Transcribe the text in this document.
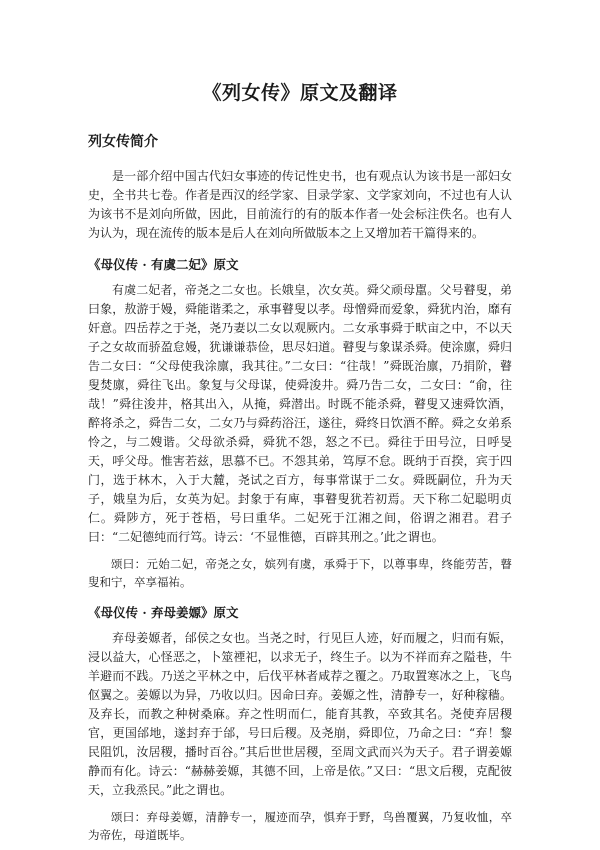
《列女传》原文及翻译
列女传简介

是一部介绍中国古代妇女事迹的传记性史书，也有观点认为该书是一部妇女史，全书共七卷。作者是西汉的经学家、目录学家、文学家刘向，不过也有人认为该书不是刘向所做，因此，目前流行的有的版本作者一处会标注佚名。也有人为认为，现在流传的版本是后人在刘向所做版本之上又增加若干篇得来的。

《母仪传 · 有虞二妃》原文

有虞二妃者，帝尧之二女也。长娥皇，次女英。舜父顽母嚚。父号瞽叟，弟曰象，敖游于嫚，舜能谐柔之，承事瞽叟以孝。母憎舜而爱象，舜犹内治，靡有奸意。四岳荐之于尧，尧乃妻以二女以观厥内。二女承事舜于畎亩之中，不以天子之女故而骄盈怠嫚，犹谦谦恭俭，思尽妇道。瞽叟与象谋杀舜。使涂廪，舜归告二女曰：“父母使我涂廪，我其往。”二女曰：“往哉！”舜既治廪，乃捐阶，瞽叟焚廪，舜往飞出。象复与父母谋，使舜浚井。舜乃告二女，二女曰：“俞，往哉！”舜往浚井，格其出入，从掩，舜潜出。时既不能杀舜，瞽叟又速舜饮酒，醉将杀之，舜告二女，二女乃与舜药浴汪，遂往，舜终日饮酒不醉。舜之女弟系怜之，与二嫂谐。父母欲杀舜，舜犹不怨，怒之不已。舜往于田号泣，日呼旻天，呼父母。惟害若兹，思慕不已。不怨其弟，笃厚不怠。既纳于百揆，宾于四门，选于林木，入于大麓，尧试之百方，每事常谋于二女。舜既嗣位，升为天子，娥皇为后，女英为妃。封象于有庳，事瞽叟犹若初焉。天下称二妃聪明贞仁。舜陟方，死于苍梧，号曰重华。二妃死于江湘之间，俗谓之湘君。君子曰：“二妃德纯而行笃。诗云：‘不显惟德，百辟其刑之。’此之谓也。

颂曰：元始二妃，帝尧之女，嫔列有虞，承舜于下，以尊事卑，终能劳苦，瞽叟和宁，卒享福祐。

《母仪传 · 弃母姜嫄》原文

弃母姜嫄者，邰侯之女也。当尧之时，行见巨人迹，好而履之，归而有娠，浸以益大，心怪恶之，卜筮禋祀，以求无子，终生子。以为不祥而弃之隘巷，牛羊避而不践。乃送之平林之中，后伐平林者咸荐之覆之。乃取置寒冰之上，飞鸟伛翼之。姜嫄以为异，乃收以归。因命曰弃。姜嫄之性，清静专一，好种稼穑。及弃长，而教之种树桑麻。弃之性明而仁，能育其教，卒致其名。尧使弃居稷官，更国邰地，遂封弃于邰，号曰后稷。及尧崩，舜即位，乃命之曰：“弃！黎民阻饥，汝居稷，播时百谷。”其后世世居稷，至周文武而兴为天子。君子谓姜嫄静而有化。诗云：“赫赫姜嫄，其德不回，上帝是依。”又曰：“思文后稷，克配彼天，立我烝民。”此之谓也。

颂曰：弃母姜嫄，清静专一，履迹而孕，惧弃于野，鸟兽覆翼，乃复收恤，卒为帝佐，母道既毕。
